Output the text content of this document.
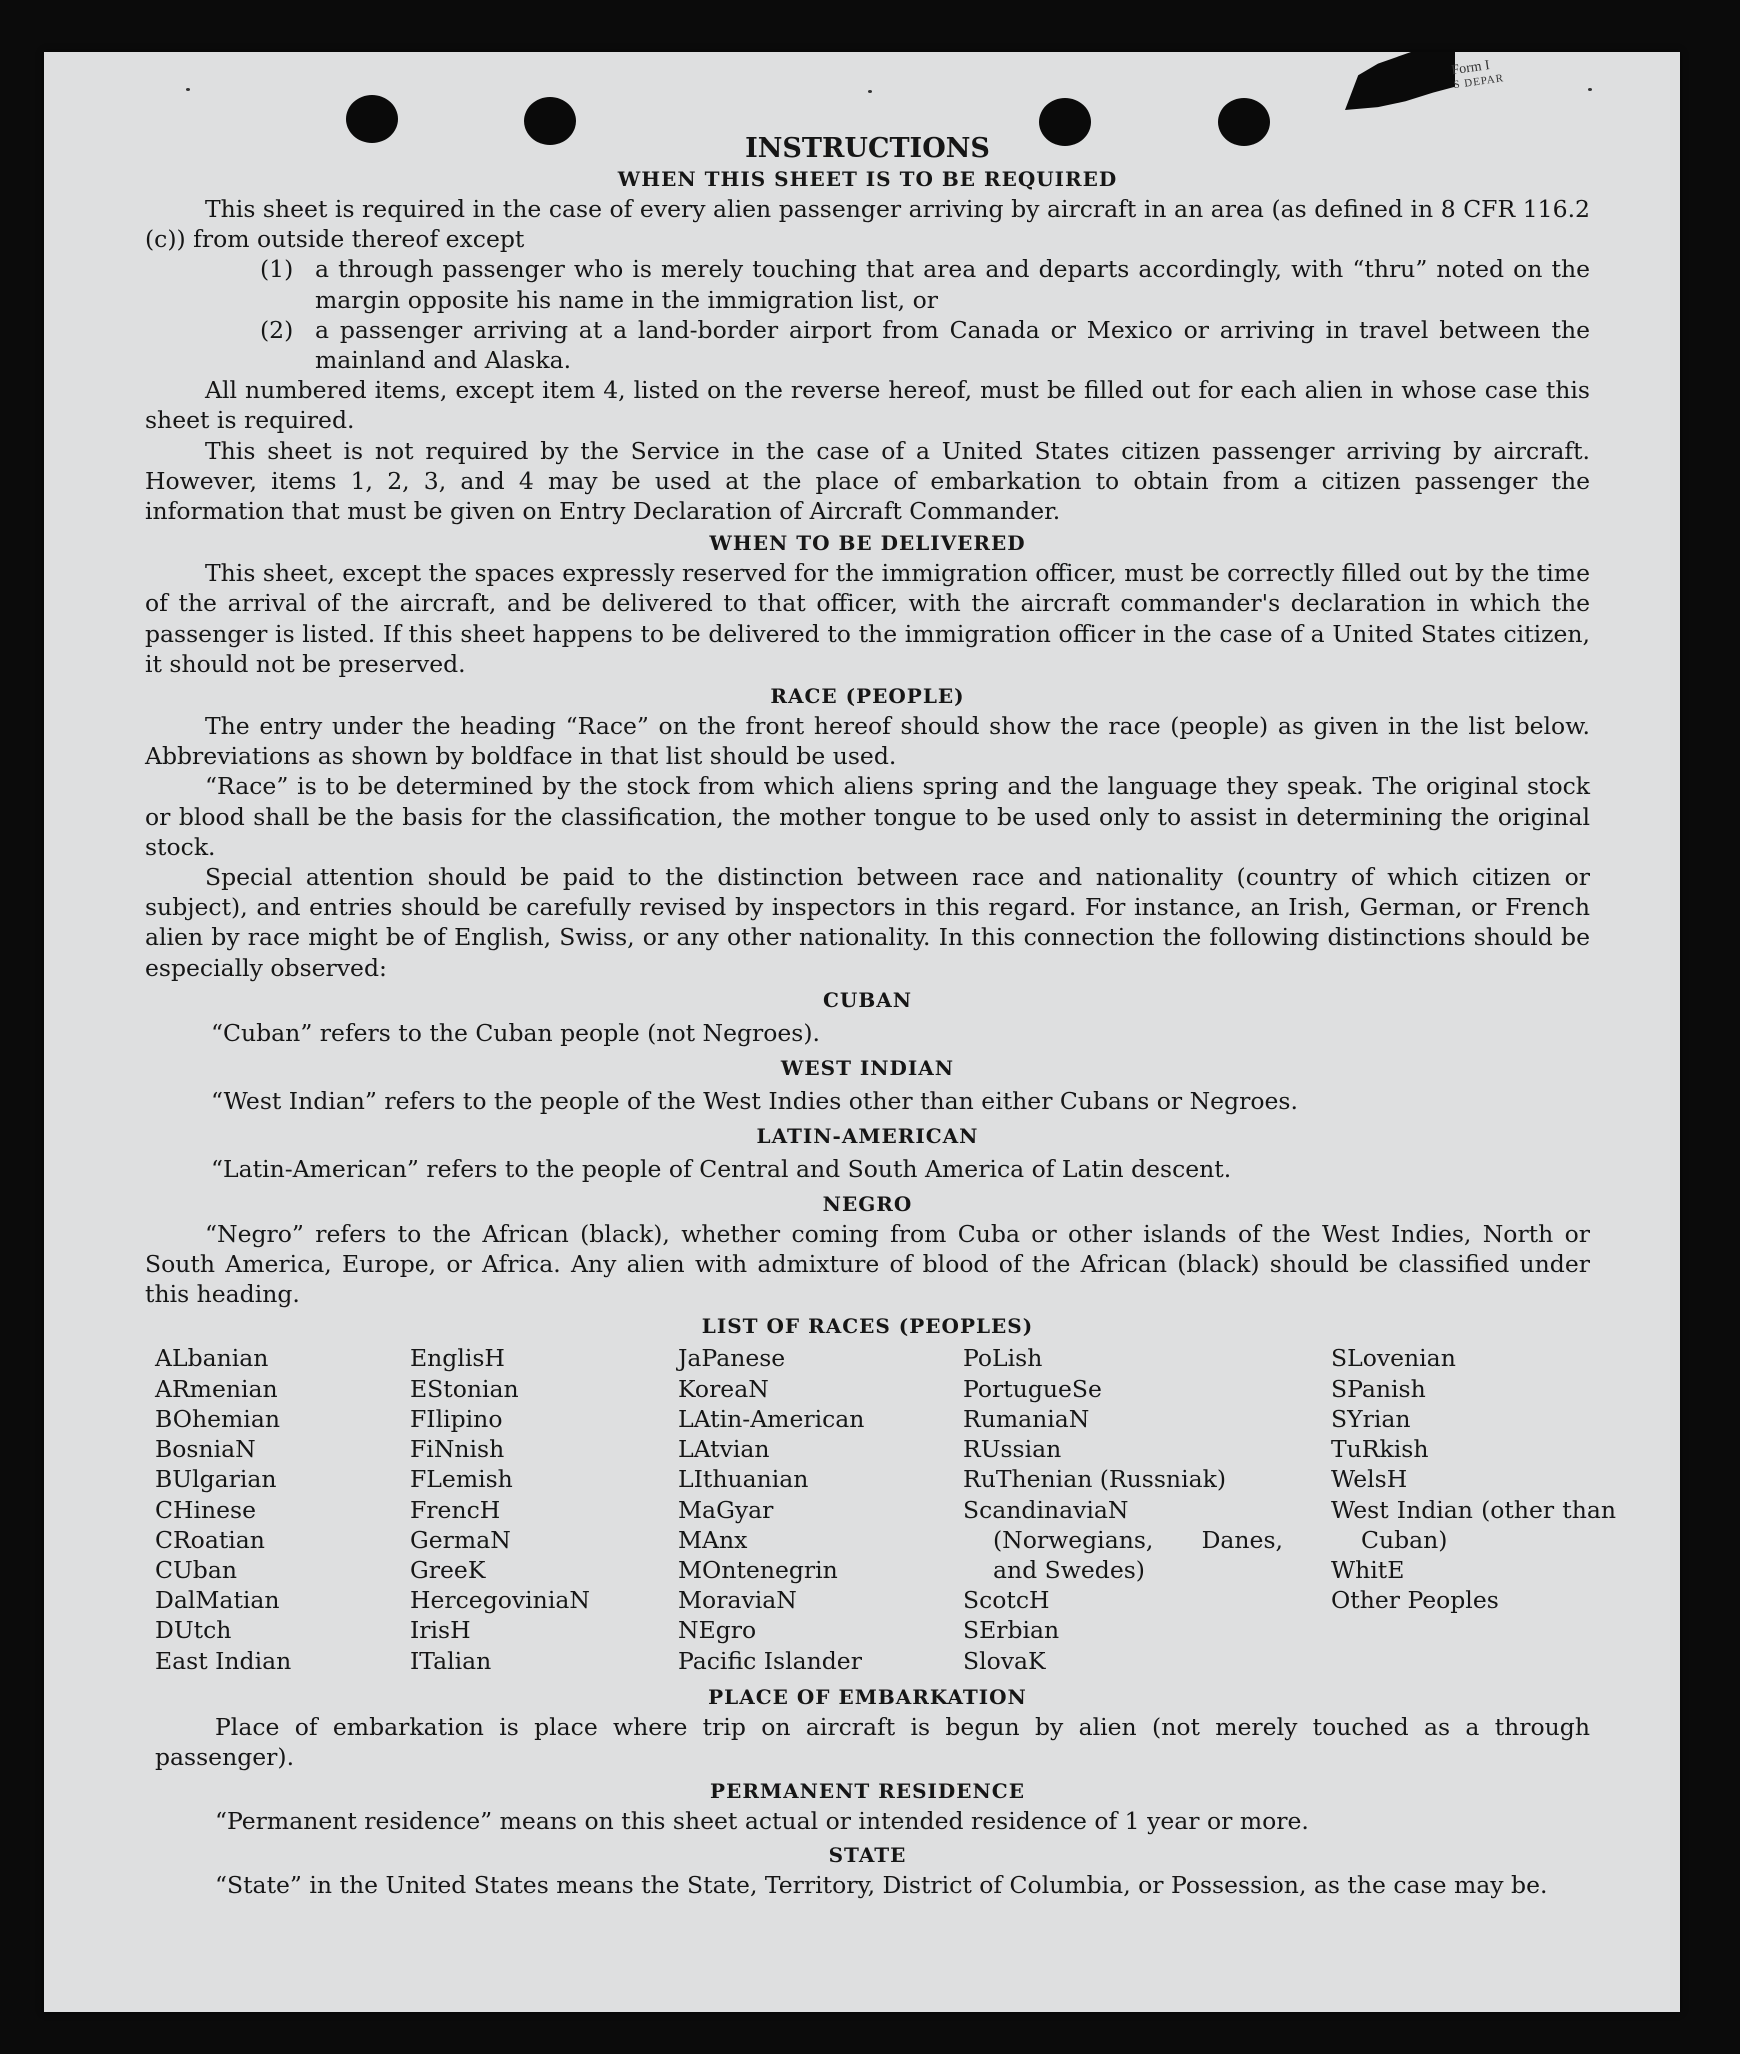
Form I
S DEPAR
INSTRUCTIONS
WHEN THIS SHEET IS TO BE REQUIRED

This sheet is required in the case of every alien passenger arriving by aircraft in an area (as defined in 8 CFR 116.2 (c)) from outside thereof except

(1) a through passenger who is merely touching that area and departs accordingly, with “thru” noted on the margin opposite his name in the immigration list, or
(2) a passenger arriving at a land-border airport from Canada or Mexico or arriving in travel between the mainland and Alaska.

All numbered items, except item 4, listed on the reverse hereof, must be filled out for each alien in whose case this sheet is required.

This sheet is not required by the Service in the case of a United States citizen passenger arriving by aircraft. However, items 1, 2, 3, and 4 may be used at the place of embarkation to obtain from a citizen passenger the information that must be given on Entry Declaration of Aircraft Commander.

WHEN TO BE DELIVERED

This sheet, except the spaces expressly reserved for the immigration officer, must be correctly filled out by the time of the arrival of the aircraft, and be delivered to that officer, with the aircraft commander's declaration in which the passenger is listed. If this sheet happens to be delivered to the immigration officer in the case of a United States citizen, it should not be preserved.

RACE (PEOPLE)

The entry under the heading “Race” on the front hereof should show the race (people) as given in the list below. Abbreviations as shown by boldface in that list should be used.

“Race” is to be determined by the stock from which aliens spring and the language they speak. The original stock or blood shall be the basis for the classification, the mother tongue to be used only to assist in determining the original stock.

Special attention should be paid to the distinction between race and nationality (country of which citizen or subject), and entries should be carefully revised by inspectors in this regard. For instance, an Irish, German, or French alien by race might be of English, Swiss, or any other nationality. In this connection the following distinctions should be especially observed:

CUBAN

“Cuban” refers to the Cuban people (not Negroes).

WEST INDIAN

“West Indian” refers to the people of the West Indies other than either Cubans or Negroes.

LATIN-AMERICAN

“Latin-American” refers to the people of Central and South America of Latin descent.

NEGRO

“Negro” refers to the African (black), whether coming from Cuba or other islands of the West Indies, North or South America, Europe, or Africa. Any alien with admixture of blood of the African (black) should be classified under this heading.

LIST OF RACES (PEOPLES)
ALbanian
ARmenian
BOhemian
BosniaN
BUlgarian
CHinese
CRoatian
CUban
DalMatian
DUtch
East Indian
EnglisH
EStonian
FIlipino
FiNnish
FLemish
FrencH
GermaN
GreeK
HercegoviniaN
IrisH
ITalian
JaPanese
KoreaN
LAtin-American
LAtvian
LIthuanian
MaGyar
MAnx
MOntenegrin
MoraviaN
NEgro
Pacific Islander
PoLish
PortugueSe
RumaniaN
RUssian
RuThenian (Russniak)
ScandinaviaN (Norwegians, Danes, and Swedes)
ScotcH
SErbian
SlovaK
SLovenian
SPanish
SYrian
TuRkish
WelsH
West Indian (other than Cuban)
WhitE
Other Peoples
PLACE OF EMBARKATION

Place of embarkation is place where trip on aircraft is begun by alien (not merely touched as a through passenger).

PERMANENT RESIDENCE

“Permanent residence” means on this sheet actual or intended residence of 1 year or more.

STATE

“State” in the United States means the State, Territory, District of Columbia, or Possession, as the case may be.
